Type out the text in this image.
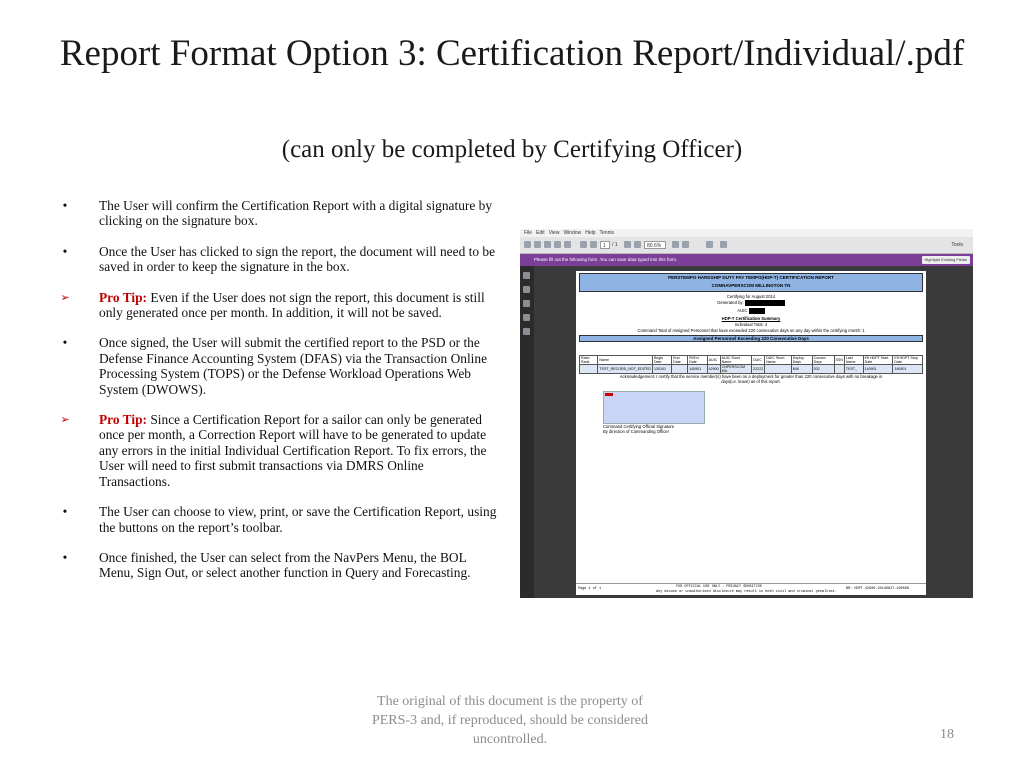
Report Format Option 3: Certification Report/Individual/.pdf
(can only be completed by Certifying Officer)
•	The User will confirm the Certification Report with a digital signature by clicking on the signature box.
•	Once the User has clicked to sign the report, the document will need to be saved in order to keep the signature in the box.
➢ Pro Tip: Even if the User does not sign the report, this document is still only generated once per month. In addition, it will not be saved.
•	Once signed, the User will submit the certified report to the PSD or the Defense Finance Accounting System (DFAS) via the Transaction Online Processing System (TOPS) or the Defense Workload Operations Web System (DWOWS).
➢ Pro Tip: Since a Certification Report for a sailor can only be generated once per month, a Correction Report will have to be generated to update any errors in the initial Individual Certification Report. To fix errors, the User will need to first submit transactions via DMRS Online Transactions.
•	The User can choose to view, print, or save the Certification Report, using the buttons on the report’s toolbar.
•	Once finished, the User can select from the NavPers Menu, the BOL Menu, Sign Out, or select another function in Query and Forecasting.
File Edit View Window Help Tennis
1	/ 1	80.6%	Tools
Please fill out the following form. You can save data typed into this form.	Highlight Existing Fields
PERSTEMPO HARDSHIP DUTY PAY TEMPO(HDP-T) CERTIFICATION REPORT
COMNAVPERSCOM MILLINGTON TN
Certifying for August 2014
Generated by:
AUIC
HDP-T Certification Summary
Individual Total: 4
Command Total of Assigned Personnel that have exceeded 220 consecutive days on any day within the certifying month: 1
Assigned Personnel Exceeding 220 Consecutive Days
Rate/ Rank	Name	Begin Date	End Date	Pt/Ext Date	AUIC	AUIC Short Name	DUIC	DUIC Short Name	Deploy Days	Consec Days	SSN	Last Name	Eff HDPT Start Date	Eff HDPT Stop Date
	TEST_RECORD_NOT_EDITED	130101		140901	42900	CNPERSCOM MIL	22222		608	202		TEST_	140901	140901
Acknowledgement: I certify that the service member(s) have been on a deployment for greater than 220 consecutive days with no breakage in days(i.e. leave) as of this report.
Command Certifying Official Signature
By direction of Commanding Officer
Page 1 of 1	FOR OFFICIAL USE ONLY - PRIVACY SENSITIVE
Any misuse or unauthorized disclosure may result in both civil and criminal penalties.
BR: HDPT 42900-20140827-160506
The original of this document is the property of PERS-3 and, if reproduced, should be considered uncontrolled.	18
